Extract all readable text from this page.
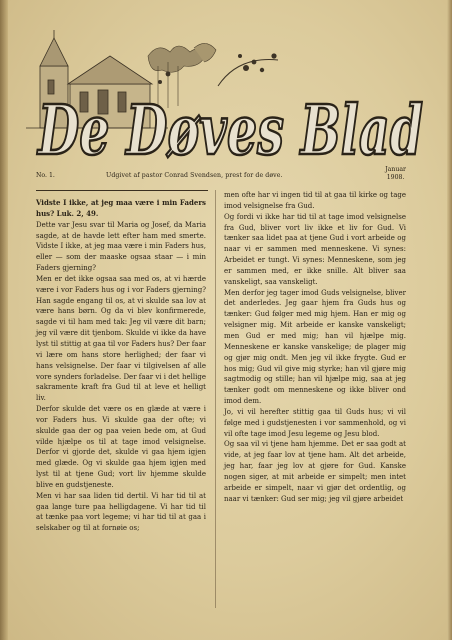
De Døves Blad
No. 1.	Udgivet af pastor Conrad Svendsen, prest for de døve.
Januar
1908.

Vidste I ikke, at jeg maa være i min Faders hus? Luk. 2, 49.

Dette var Jesu svar til Maria og Josef, da Maria sagde, at de havde lett efter ham med smerte. Vidste I ikke, at jeg maa være i min Faders hus, eller — som der maaske ogsaa staar — i min Faders gjerning?

Men er det ikke ogsaa saa med os, at vi hærde være i vor Faders hus og i vor Faders gjerning? Han sagde engang til os, at vi skulde saa lov at være hans børn. Og da vi blev konfirmerede, sagde vi til ham med tak: Jeg vil være dit barn; jeg vil være dit tjenbom. Skulde vi ikke da have lyst til stittig at gaa til vor Faders hus? Der faar vi lære om hans store herlighed; der faar vi hans velsignelse. Der faar vi tilgivelsen af alle vore synders forladelse. Der faar vi i det hellige sakramente kraft fra Gud til at leve et helligt liv.

Derfor skulde det være os en glæde at være i vor Faders hus. Vi skulde gaa der ofte; vi skulde gaa der og paa veien bede om, at Gud vilde hjælpe os til at tage imod velsignelse. Derfor vi gjorde det, skulde vi gaa hjem igjen med glæde. Og vi skulde gaa hjem igjen med lyst til at tjene Gud; vort liv hjemme skulde blive en gudstjeneste.

Men vi har saa liden tid dertil. Vi har tid til at gaa lange ture paa helligdagene. Vi har tid til at tænke paa vort legeme; vi har tid til at gaa i selskaber og til at fornøie os;

men ofte har vi ingen tid til at gaa til kirke og tage imod velsignelse fra Gud.

Og fordi vi ikke har tid til at tage imod velsignelse fra Gud, bliver vort liv ikke et liv for Gud. Vi tænker saa lidet paa at tjene Gud i vort arbeide og naar vi er sammen med menneskene. Vi synes: Arbeidet er tungt. Vi synes: Menneskene, som jeg er sammen med, er ikke snille. Alt bliver saa vanskeligt, saa vanskeligt.

Men derfor jeg tager imod Guds velsignelse, bliver det anderledes. Jeg gaar hjem fra Guds hus og tænker: Gud følger med mig hjem. Han er mig og velsigner mig. Mit arbeide er kanske vanskeligt; men Gud er med mig; han vil hjælpe mig. Menneskene er kanske vanskelige; de plager mig og gjør mig ondt. Men jeg vil ikke frygte. Gud er hos mig; Gud vil give mig styrke; han vil gjøre mig sagtmodig og stille; han vil hjælpe mig, saa at jeg tænker godt om menneskene og ikke bliver ond imod dem.

Jo, vi vil herefter stittig gaa til Guds hus; vi vil følge med i gudstjenesten i vor sammenhold, og vi vil ofte tage imod Jesu legeme og Jesu blod.

Og saa vil vi tjene ham hjemme. Det er saa godt at vide, at jeg faar lov at tjene ham. Alt det arbeide, jeg har, faar jeg lov at gjøre for Gud. Kanske nogen siger, at mit arbeide er simpelt; men intet arbeide er simpelt, naar vi gjør det ordentlig, og naar vi tænker: Gud ser mig; jeg vil gjøre arbeidet
